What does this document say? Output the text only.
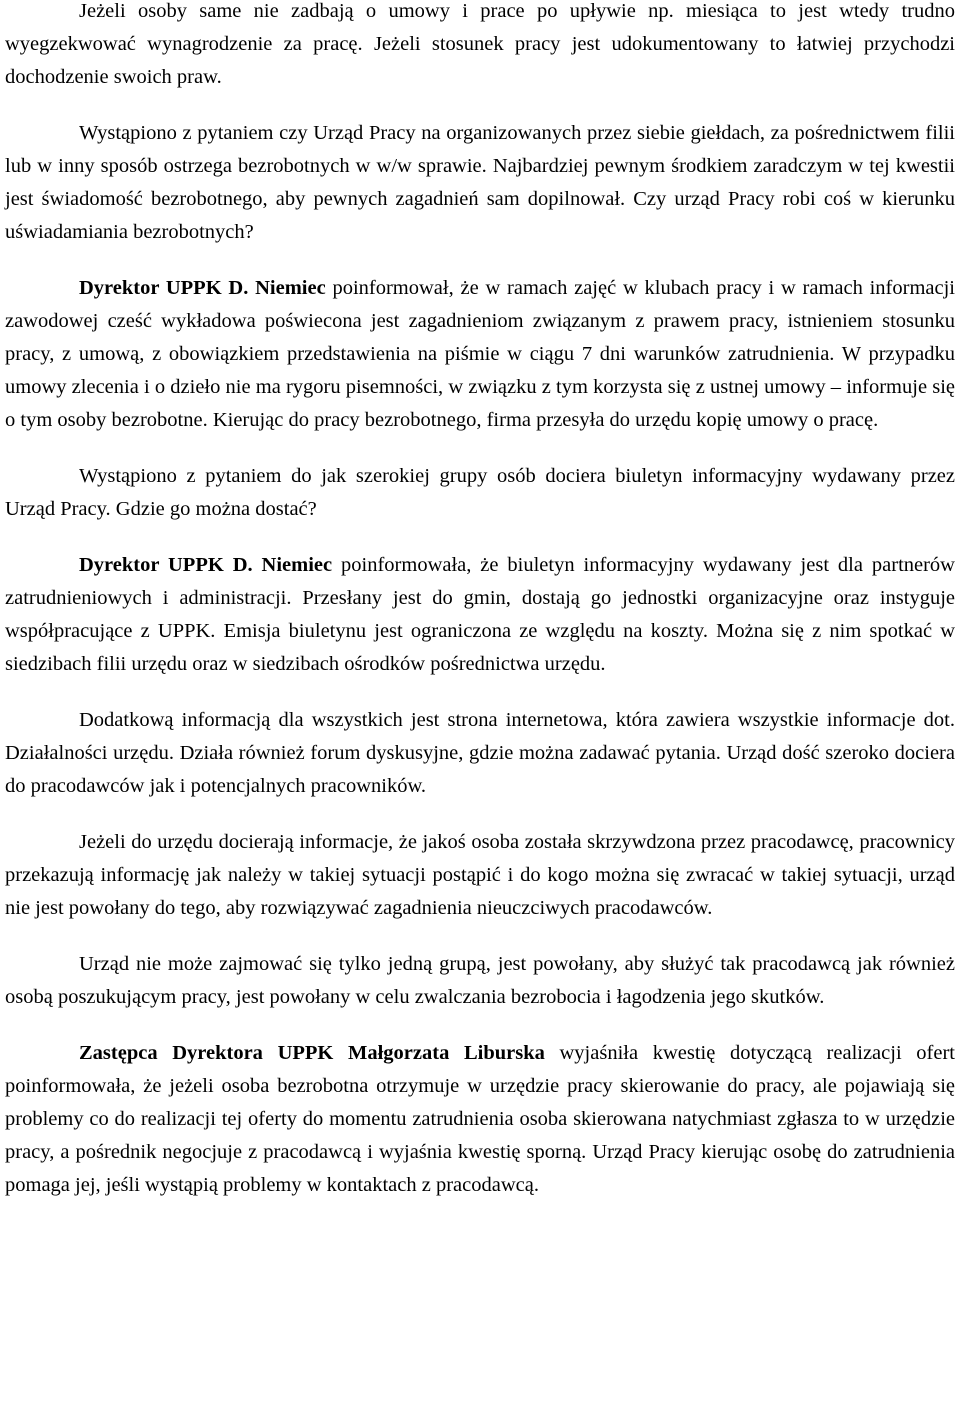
Jeżeli osoby same nie zadbają o umowy i prace po upływie np. miesiąca to jest wtedy trudno wyegzekwować wynagrodzenie za pracę. Jeżeli stosunek pracy jest udokumentowany to łatwiej przychodzi dochodzenie swoich praw.

Wystąpiono z pytaniem czy Urząd Pracy na organizowanych przez siebie giełdach, za pośrednictwem filii lub w inny sposób ostrzega bezrobotnych w w/w sprawie. Najbardziej pewnym środkiem zaradczym w tej kwestii jest świadomość bezrobotnego, aby pewnych zagadnień sam dopilnował. Czy urząd Pracy robi coś w kierunku uświadamiania bezrobotnych?

Dyrektor UPPK D. Niemiec poinformował, że w ramach zajęć w klubach pracy i w ramach informacji zawodowej cześć wykładowa poświecona jest zagadnieniom związanym z prawem pracy, istnieniem stosunku pracy, z umową, z obowiązkiem przedstawienia na piśmie w ciągu 7 dni warunków zatrudnienia. W przypadku umowy zlecenia i o dzieło nie ma rygoru pisemności, w związku z tym korzysta się z ustnej umowy – informuje się o tym osoby bezrobotne. Kierując do pracy bezrobotnego, firma przesyła do urzędu kopię umowy o pracę.

Wystąpiono z pytaniem do jak szerokiej grupy osób dociera biuletyn informacyjny wydawany przez Urząd Pracy. Gdzie go można dostać?

Dyrektor UPPK D. Niemiec poinformowała, że biuletyn informacyjny wydawany jest dla partnerów zatrudnieniowych i administracji. Przesłany jest do gmin, dostają go jednostki organizacyjne oraz instyguje współpracujące z UPPK. Emisja biuletynu jest ograniczona ze względu na koszty. Można się z nim spotkać w siedzibach filii urzędu oraz w siedzibach ośrodków pośrednictwa urzędu.

Dodatkową informacją dla wszystkich jest strona internetowa, która zawiera wszystkie informacje dot. Działalności urzędu. Działa również forum dyskusyjne, gdzie można zadawać pytania. Urząd dość szeroko dociera do pracodawców jak i potencjalnych pracowników.

Jeżeli do urzędu docierają informacje, że jakoś osoba została skrzywdzona przez pracodawcę, pracownicy przekazują informację jak należy w takiej sytuacji postąpić i do kogo można się zwracać w takiej sytuacji, urząd nie jest powołany do tego, aby rozwiązywać zagadnienia nieuczciwych pracodawców.

Urząd nie może zajmować się tylko jedną grupą, jest powołany, aby służyć tak pracodawcą jak również osobą poszukującym pracy, jest powołany w celu zwalczania bezrobocia i łagodzenia jego skutków.

Zastępca Dyrektora UPPK Małgorzata Liburska wyjaśniła kwestię dotyczącą realizacji ofert poinformowała, że jeżeli osoba bezrobotna otrzymuje w urzędzie pracy skierowanie do pracy, ale pojawiają się problemy co do realizacji tej oferty do momentu zatrudnienia osoba skierowana natychmiast zgłasza to w urzędzie pracy, a pośrednik negocjuje z pracodawcą i wyjaśnia kwestię sporną. Urząd Pracy kierując osobę do zatrudnienia pomaga jej, jeśli wystąpią problemy w kontaktach z pracodawcą.
